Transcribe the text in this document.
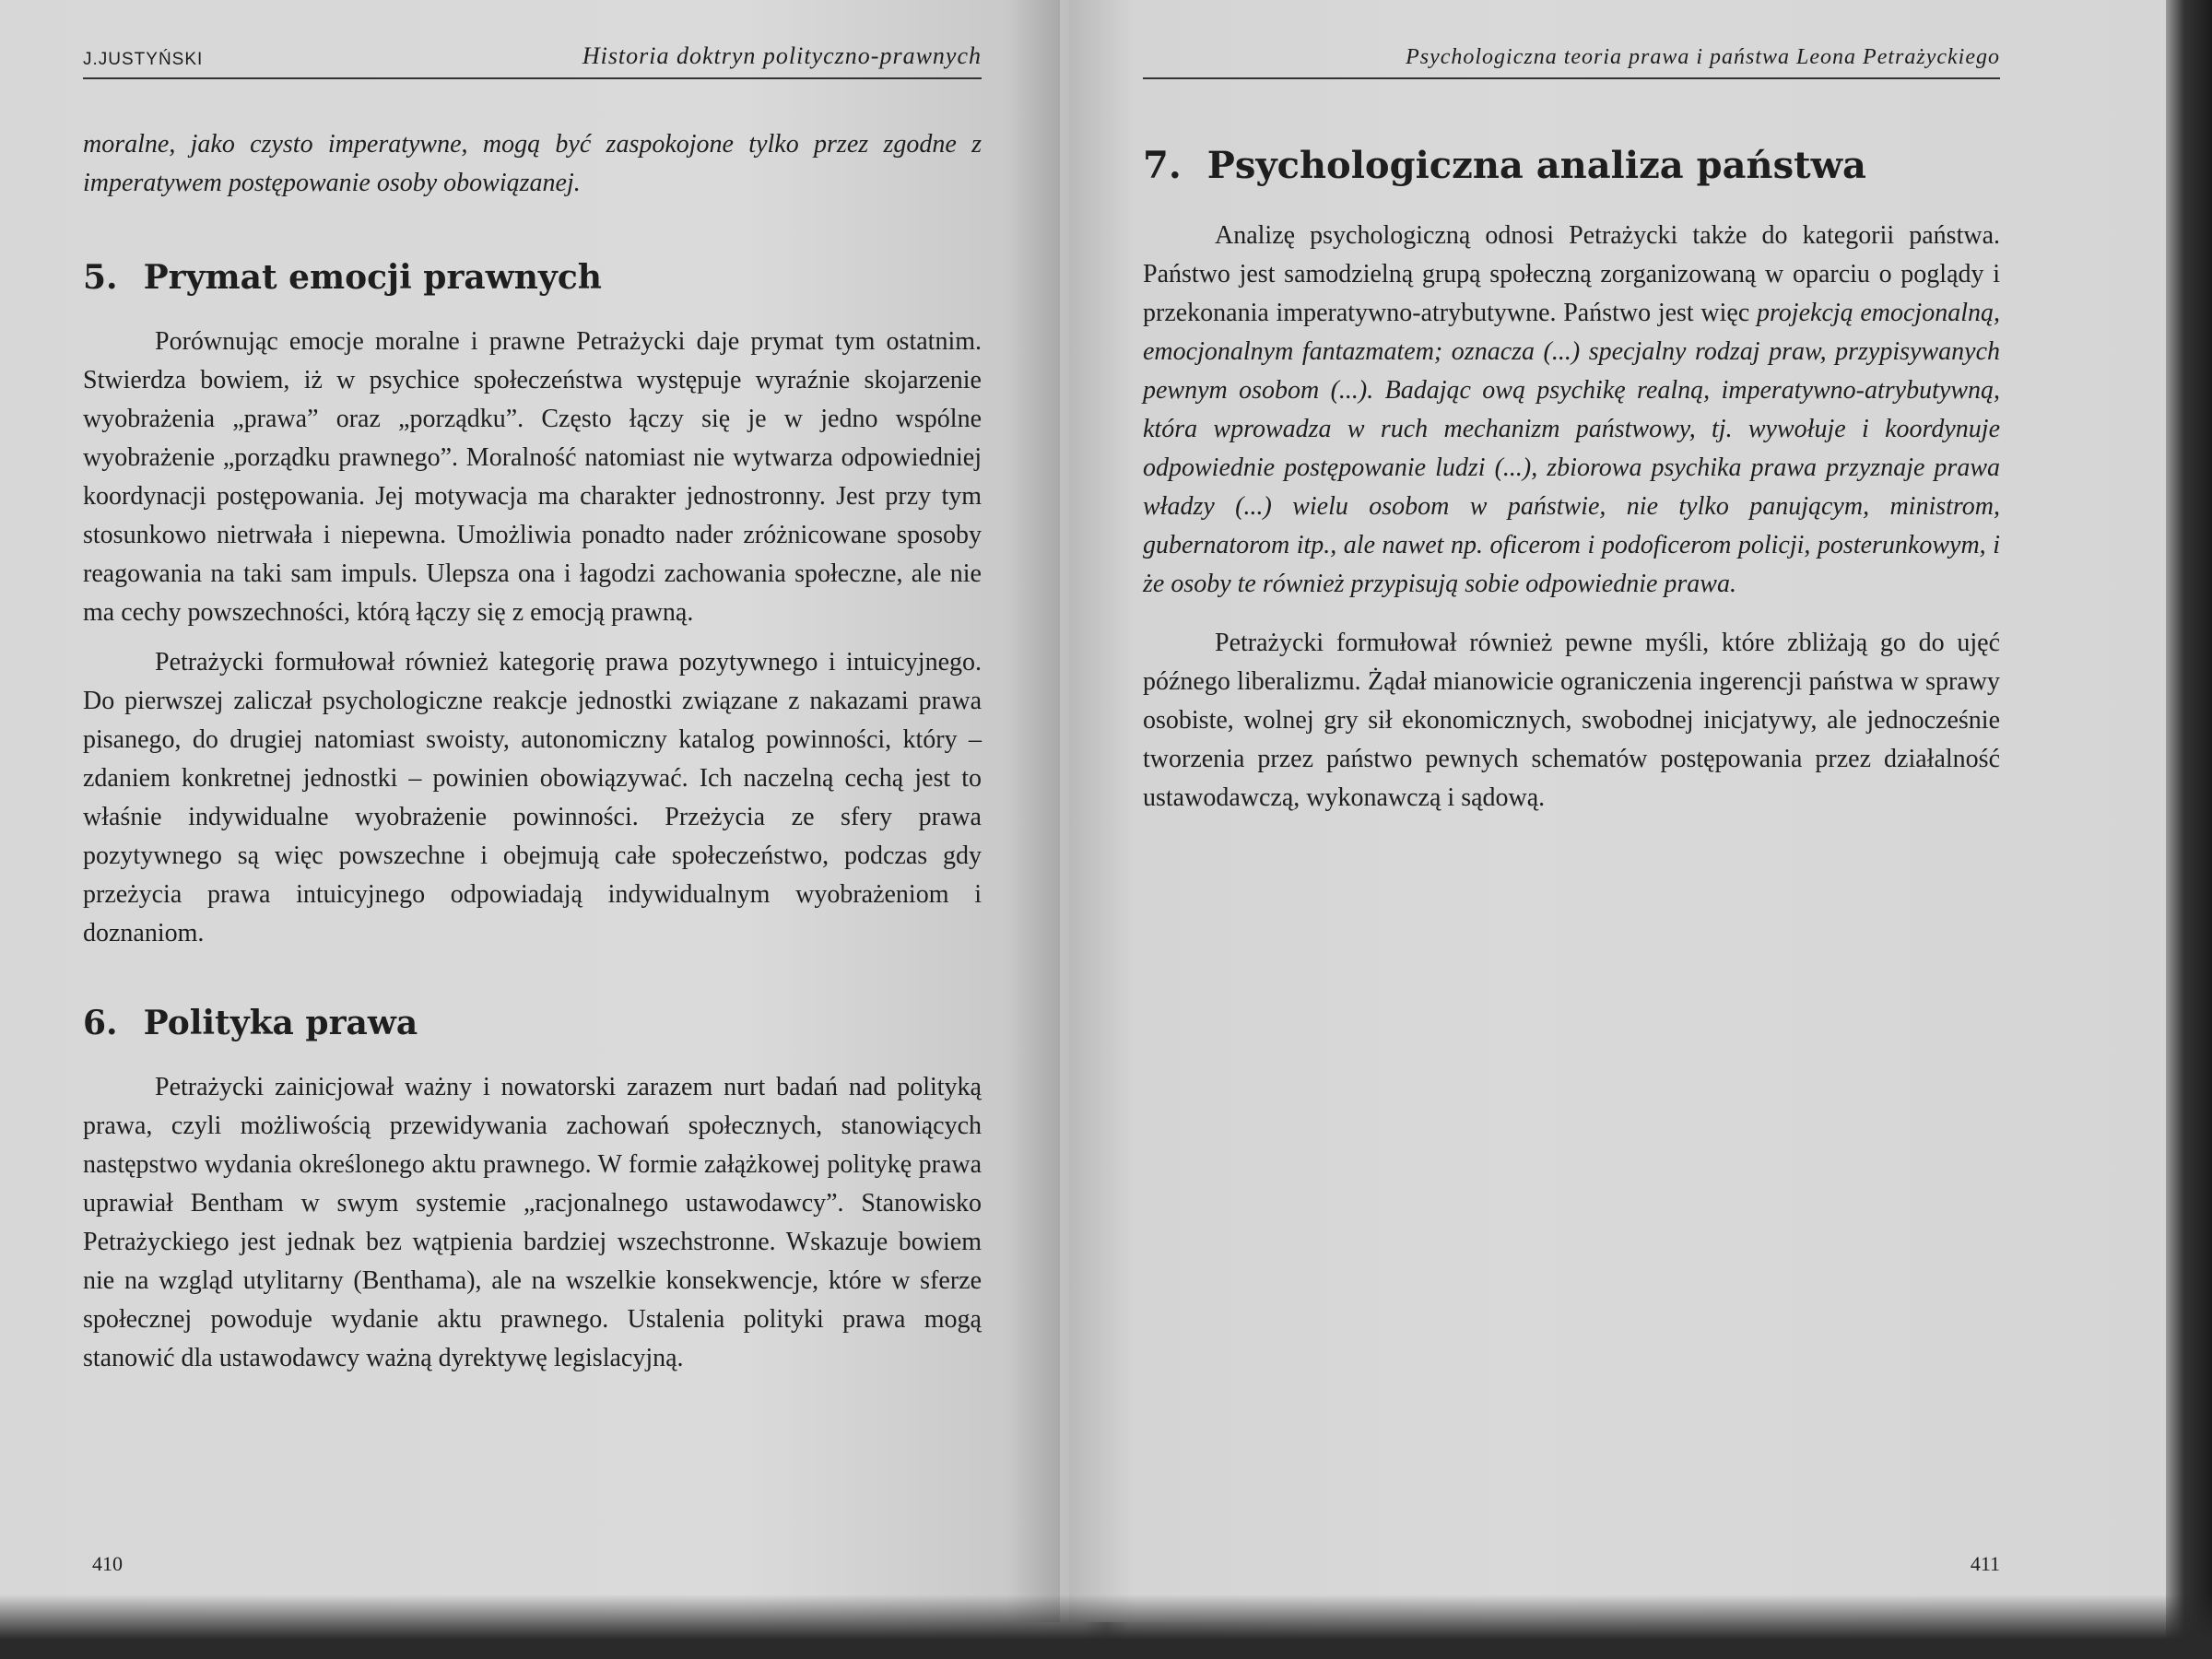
J.JUSTYŃSKI	Historia doktryn polityczno-prawnych

moralne, jako czysto imperatywne, mogą być zaspokojone tylko przez zgodne z imperatywem postępowanie osoby obowiązanej.

5. Prymat emocji prawnych

Porównując emocje moralne i prawne Petrażycki daje prymat tym ostatnim. Stwierdza bowiem, iż w psychice społeczeństwa występuje wyraźnie skojarzenie wyobrażenia „prawa” oraz „porządku”. Często łączy się je w jedno wspólne wyobrażenie „porządku prawnego”. Moralność natomiast nie wytwarza odpowiedniej koordynacji postępowania. Jej motywacja ma charakter jednostronny. Jest przy tym stosunkowo nietrwała i niepewna. Umożliwia ponadto nader zróżnicowane sposoby reagowania na taki sam impuls. Ulepsza ona i łagodzi zachowania społeczne, ale nie ma cechy powszechności, którą łączy się z emocją prawną.

Petrażycki formułował również kategorię prawa pozytywnego i intuicyjnego. Do pierwszej zaliczał psychologiczne reakcje jednostki związane z nakazami prawa pisanego, do drugiej natomiast swoisty, autonomiczny katalog powinności, który – zdaniem konkretnej jednostki – powinien obowiązywać. Ich naczelną cechą jest to właśnie indywidualne wyobrażenie powinności. Przeżycia ze sfery prawa pozytywnego są więc powszechne i obejmują całe społeczeństwo, podczas gdy przeżycia prawa intuicyjnego odpowiadają indywidualnym wyobrażeniom i doznaniom.

6. Polityka prawa

Petrażycki zainicjował ważny i nowatorski zarazem nurt badań nad polityką prawa, czyli możliwością przewidywania zachowań społecznych, stanowiących następstwo wydania określonego aktu prawnego. W formie załążkowej politykę prawa uprawiał Bentham w swym systemie „racjonalnego ustawodawcy”. Stanowisko Petrażyckiego jest jednak bez wątpienia bardziej wszechstronne. Wskazuje bowiem nie na wzgląd utylitarny (Benthama), ale na wszelkie konsekwencje, które w sferze społecznej powoduje wydanie aktu prawnego. Ustalenia polityki prawa mogą stanowić dla ustawodawcy ważną dyrektywę legislacyjną.

410
Psychologiczna teoria prawa i państwa Leona Petrażyckiego
7. Psychologiczna analiza państwa

Analizę psychologiczną odnosi Petrażycki także do kategorii państwa. Państwo jest samodzielną grupą społeczną zorganizowaną w oparciu o poglądy i przekonania imperatywno-atrybutywne. Państwo jest więc projekcją emocjonalną, emocjonalnym fantazmatem; oznacza (...) specjalny rodzaj praw, przypisywanych pewnym osobom (...). Badając ową psychikę realną, imperatywno-atrybutywną, która wprowadza w ruch mechanizm państwowy, tj. wywołuje i koordynuje odpowiednie postępowanie ludzi (...), zbiorowa psychika prawa przyznaje prawa władzy (...) wielu osobom w państwie, nie tylko panującym, ministrom, gubernatorom itp., ale nawet np. oficerom i podoficerom policji, posterunkowym, i że osoby te również przypisują sobie odpowiednie prawa.

Petrażycki formułował również pewne myśli, które zbliżają go do ujęć późnego liberalizmu. Żądał mianowicie ograniczenia ingerencji państwa w sprawy osobiste, wolnej gry sił ekonomicznych, swobodnej inicjatywy, ale jednocześnie tworzenia przez państwo pewnych schematów postępowania przez działalność ustawodawczą, wykonawczą i sądową.

411
